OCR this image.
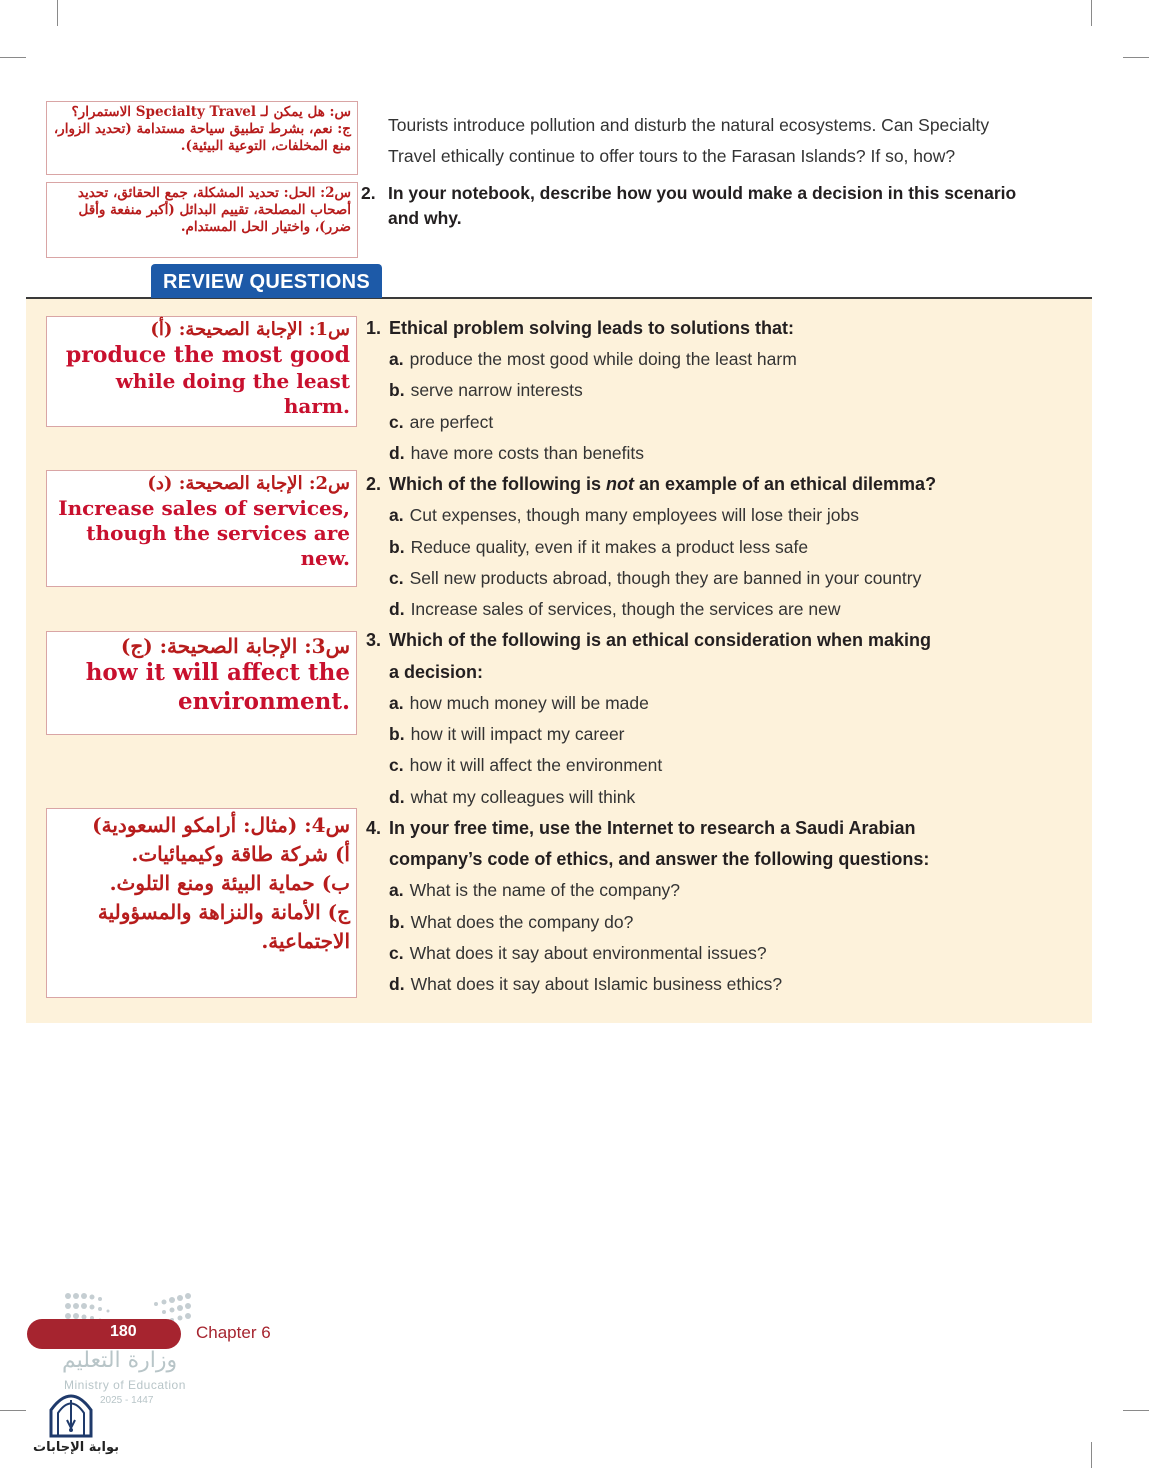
س: هل يمكن لـ Specialty Travel الاستمرار؟
ج: نعم، بشرط تطبيق سياحة مستدامة (تحديد الزوار،
منع المخلفات، التوعية البيئية).
س2: الحل: تحديد المشكلة، جمع الحقائق، تحديد
أصحاب المصلحة، تقييم البدائل (أكبر منفعة وأقل
ضرر)، واختيار الحل المستدام.
Tourists introduce pollution and disturb the natural ecosystems. Can Specialty
Travel ethically continue to offer tours to the Farasan Islands? If so, how?
2. In your notebook, describe how you would make a decision in this scenario
and why.
REVIEW QUESTIONS
س1: الإجابة الصحيحة: (أ)
produce the most good
while doing the least harm.
س2: الإجابة الصحيحة: (د)
Increase sales of services,
though the services are
new.
س3: الإجابة الصحيحة: (ج)
how it will affect the
environment.
س4: (مثال: أرامكو السعودية)
أ) شركة طاقة وكيميائيات.
ب) حماية البيئة ومنع التلوث.
ج) الأمانة والنزاهة والمسؤولية
الاجتماعية.
1. Ethical problem solving leads to solutions that:
a. produce the most good while doing the least harm
b. serve narrow interests
c. are perfect
d. have more costs than benefits
2. Which of the following is not an example of an ethical dilemma?
a. Cut expenses, though many employees will lose their jobs
b. Reduce quality, even if it makes a product less safe
c. Sell new products abroad, though they are banned in your country
d. Increase sales of services, though the services are new
3. Which of the following is an ethical consideration when making
a decision:
a. how much money will be made
b. how it will impact my career
c. how it will affect the environment
d. what my colleagues will think
4. In your free time, use the Internet to research a Saudi Arabian
company’s code of ethics, and answer the following questions:
a. What is the name of the company?
b. What does the company do?
c. What does it say about environmental issues?
d. What does it say about Islamic business ethics?
180	Chapter 6
وزارة التعليم
Ministry of Education
2025 - 1447
بوابة الإجابات
